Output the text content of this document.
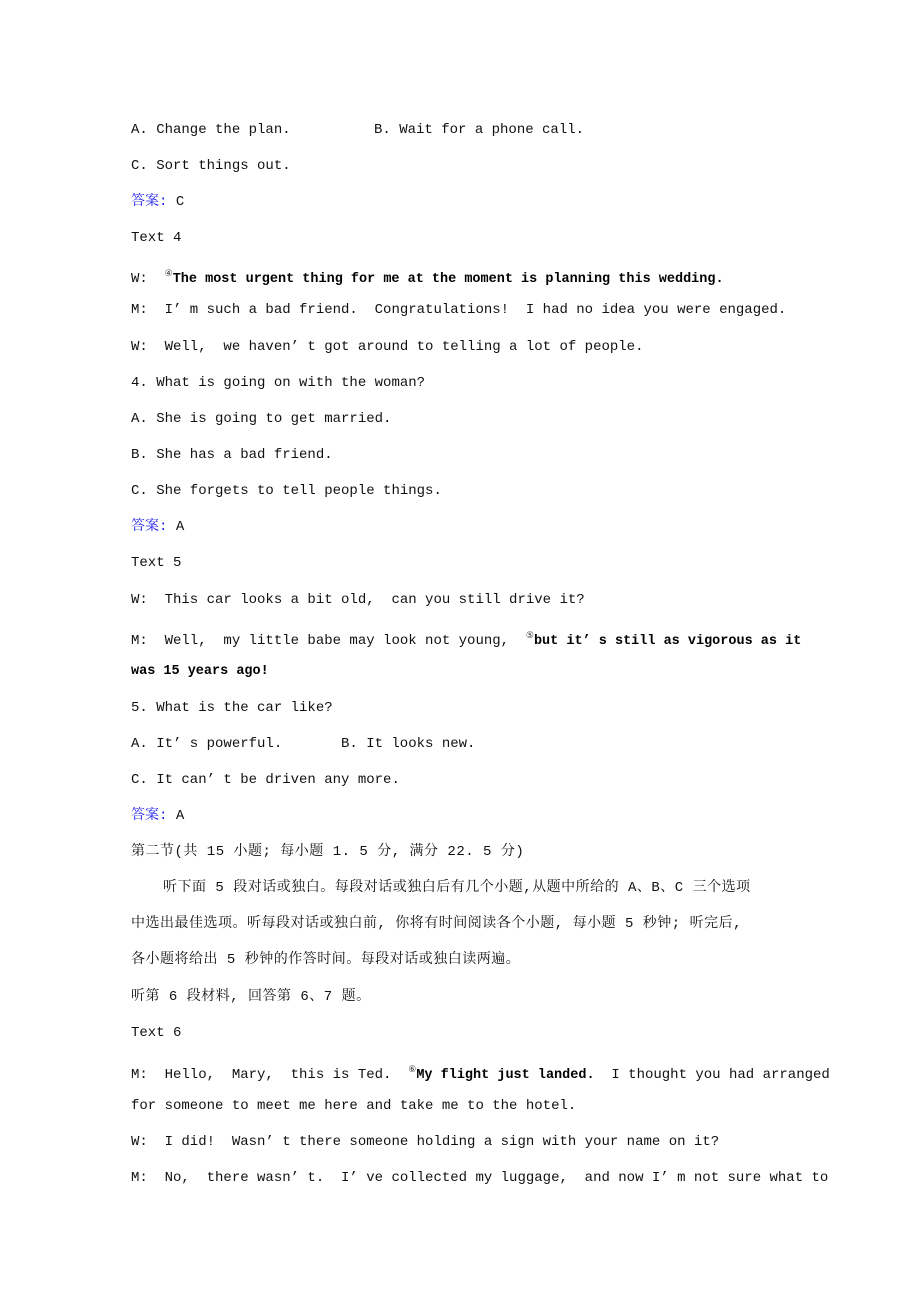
A. Change the plan.	B. Wait for a phone call.
C. Sort things out.
答案: C
Text 4
W:  ④The most urgent thing for me at the moment is planning this wedding.
M:  I’ m such a bad friend.  Congratulations!  I had no idea you were engaged.
W:  Well,  we haven’ t got around to telling a lot of people.
4. What is going on with the woman?
A. She is going to get married.
B. She has a bad friend.
C. She forgets to tell people things.
答案: A
Text 5
W:  This car looks a bit old,  can you still drive it?
M:  Well,  my little babe may look not young,  ⑤but it’ s still as vigorous as it
was 15 years ago!
5. What is the car like?
A. It’ s powerful.	B. It looks new.
C. It can’ t be driven any more.
答案: A
第二节(共 15 小题; 每小题 1. 5 分, 满分 22. 5 分)
听下面 5 段对话或独白。每段对话或独白后有几个小题,从题中所给的 A、B、C 三个选项
中选出最佳选项。听每段对话或独白前, 你将有时间阅读各个小题, 每小题 5 秒钟; 听完后,
各小题将给出 5 秒钟的作答时间。每段对话或独白读两遍。
听第 6 段材料, 回答第 6、7 题。
Text 6
M:  Hello,  Mary,  this is Ted.  ⑥My flight just landed.  I thought you had arranged
for someone to meet me here and take me to the hotel.
W:  I did!  Wasn’ t there someone holding a sign with your name on it?
M:  No,  there wasn’ t.  I’ ve collected my luggage,  and now I’ m not sure what to
